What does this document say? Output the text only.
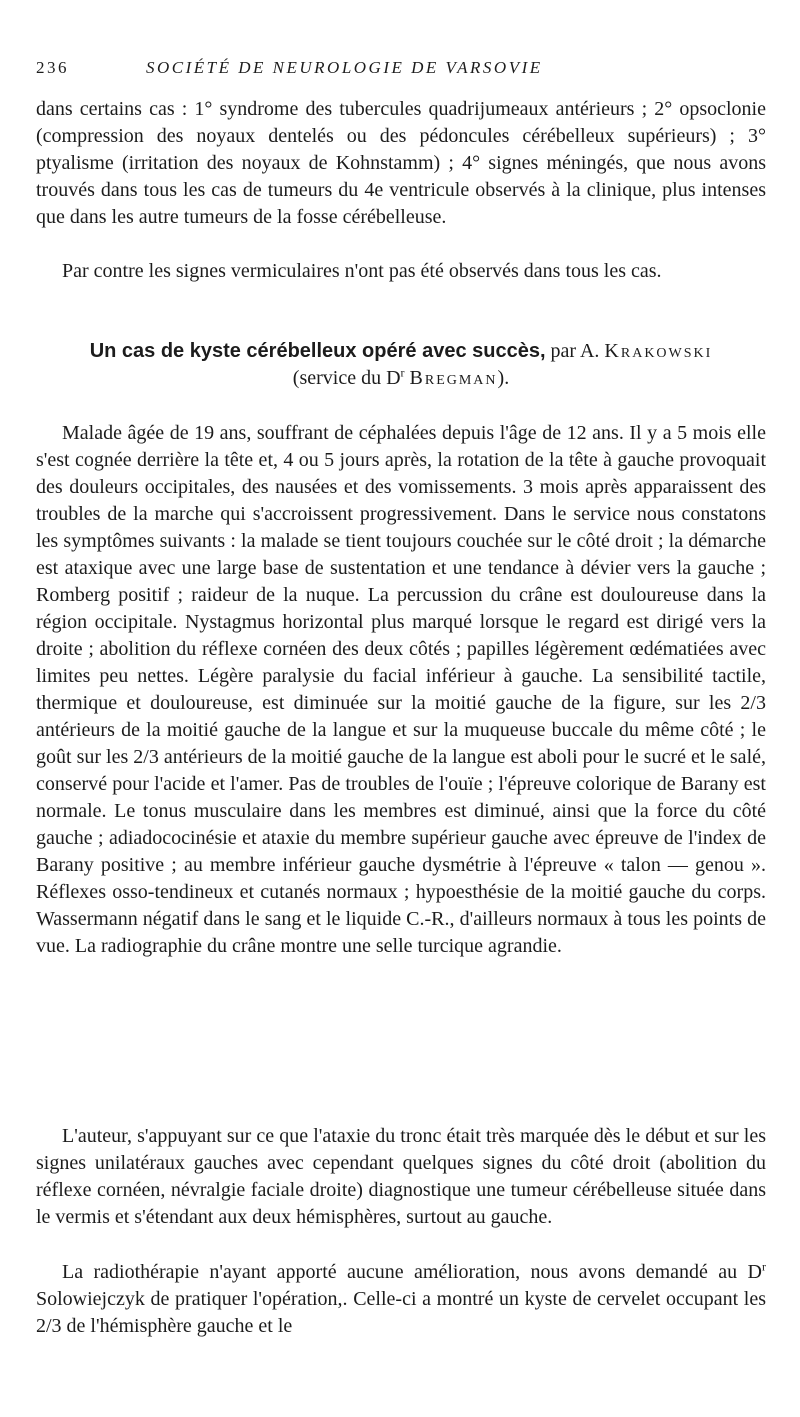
236	SOCIÉTÉ DE NEUROLOGIE DE VARSOVIE
dans certains cas : 1° syndrome des tubercules quadrijumeaux antérieurs ; 2° opsoclonie (compression des noyaux dentelés ou des pédoncules cérébelleux supérieurs) ; 3° ptyalisme (irritation des noyaux de Kohnstamm) ; 4° signes méningés, que nous avons trouvés dans tous les cas de tumeurs du 4e ventricule observés à la clinique, plus intenses que dans les autre tumeurs de la fosse cérébelleuse.
Par contre les signes vermiculaires n'ont pas été observés dans tous les cas.
Un cas de kyste cérébelleux opéré avec succès, par A. Krakowski
(service du $D^r$ Bregman).
Malade âgée de 19 ans, souffrant de céphalées depuis l'âge de 12 ans. Il y a 5 mois elle s'est cognée derrière la tête et, 4 ou 5 jours après, la rotation de la tête à gauche provoquait des douleurs occipitales, des nausées et des vomissements. 3 mois après apparaissent des troubles de la marche qui s'accroissent progressivement. Dans le service nous constatons les symptômes suivants : la malade se tient toujours couchée sur le côté droit ; la démarche est ataxique avec une large base de sustentation et une tendance à dévier vers la gauche ; Romberg positif ; raideur de la nuque. La percussion du crâne est douloureuse dans la région occipitale. Nystagmus horizontal plus marqué lorsque le regard est dirigé vers la droite ; abolition du réflexe cornéen des deux côtés ; papilles légèrement œdématiées avec limites peu nettes. Légère paralysie du facial inférieur à gauche. La sensibilité tactile, thermique et douloureuse, est diminuée sur la moitié gauche de la figure, sur les 2/3 antérieurs de la moitié gauche de la langue et sur la muqueuse buccale du même côté ; le goût sur les 2/3 antérieurs de la moitié gauche de la langue est aboli pour le sucré et le salé, conservé pour l'acide et l'amer. Pas de troubles de l'ouïe ; l'épreuve colorique de Barany est normale. Le tonus musculaire dans les membres est diminué, ainsi que la force du côté gauche ; adiadococinésie et ataxie du membre supérieur gauche avec épreuve de l'index de Barany positive ; au membre inférieur gauche dysmétrie à l'épreuve « talon — genou ». Réflexes osso-tendineux et cutanés normaux ; hypoesthésie de la moitié gauche du corps. Wassermann négatif dans le sang et le liquide C.-R., d'ailleurs normaux à tous les points de vue. La radiographie du crâne montre une selle turcique agrandie.
L'auteur, s'appuyant sur ce que l'ataxie du tronc était très marquée dès le début et sur les signes unilatéraux gauches avec cependant quelques signes du côté droit (abolition du réflexe cornéen, névralgie faciale droite) diagnostique une tumeur cérébelleuse située dans le vermis et s'étendant aux deux hémisphères, surtout au gauche.
La radiothérapie n'ayant apporté aucune amélioration, nous avons demandé au $D^r$ Solowiejczyk de pratiquer l'opération,. Celle-ci a montré un kyste de cervelet occupant les 2/3 de l'hémisphère gauche et le
